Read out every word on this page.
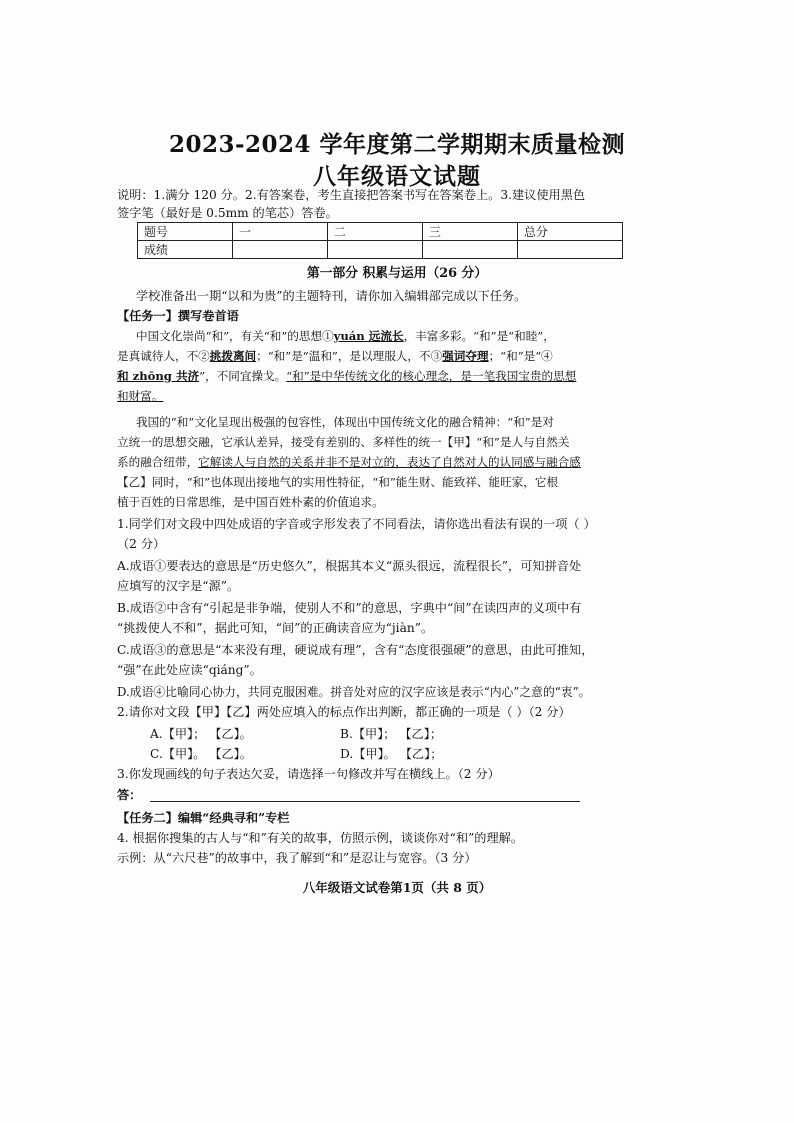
2023-2024 学年度第二学期期末质量检测
八年级语文试题
说明：1.满分 120 分。2.有答案卷，考生直接把答案书写在答案卷上。3.建议使用黑色
签字笔（最好是 0.5mm 的笔芯）答卷。
题号	一	二	三	总分
成绩				
第一部分 积累与运用（26 分）
学校准备出一期“以和为贵”的主题特刊，请你加入编辑部完成以下任务。
【任务一】撰写卷首语
中国文化崇尚“和”，有关“和”的思想①yuán 远流长，丰富多彩。“和”是“和睦”，
是真诚待人，不②挑拨离间；“和”是“温和”，是以理服人，不③强词夺理；“和”是“④
和 zhōng 共济”，不同宜操戈。“和”是中华传统文化的核心理念，是一笔我国宝贵的思想
和财富。
我国的“和”文化呈现出极强的包容性，体现出中国传统文化的融合精神：“和”是对
立统一的思想交融，它承认差异，接受有差别的、多样性的统一【甲】“和”是人与自然关
系的融合纽带，它解读人与自然的关系并非不是对立的，表达了自然对人的认同感与融合感
【乙】同时，“和”也体现出接地气的实用性特征，“和”能生财、能致祥、能旺家，它根
植于百姓的日常思维，是中国百姓朴素的价值追求。
1.同学们对文段中四处成语的字音或字形发表了不同看法，请你选出看法有误的一项（ ）
（2 分）
A.成语①要表达的意思是“历史悠久”，根据其本义“源头很远，流程很长”，可知拼音处
应填写的汉字是“源”。
B.成语②中含有“引起是非争端，使别人不和”的意思，字典中“间”在读四声的义项中有
“挑拨使人不和”，据此可知，“间”的正确读音应为“jiàn”。
C.成语③的意思是“本来没有理，硬说成有理”，含有“态度很强硬”的意思，由此可推知，
“强”在此处应读“qiáng”。
D.成语④比喻同心协力，共同克服困难。拼音处对应的汉字应该是表示“内心”之意的“衷”。
2.请你对文段【甲】【乙】两处应填入的标点作出判断，都正确的一项是（ ）（2 分）
A.【甲】； 【乙】。	B.【甲】； 【乙】；
C.【甲】。 【乙】。	D.【甲】。 【乙】；
3.你发现画线的句子表达欠妥，请选择一句修改并写在横线上。（2 分）
答：
【任务二】编辑“经典寻和”专栏
4. 根据你搜集的古人与“和”有关的故事，仿照示例，谈谈你对“和”的理解。
示例：从“六尺巷”的故事中，我了解到“和”是忍让与宽容。（3 分）
八年级语文试卷第1页（共 8 页）
